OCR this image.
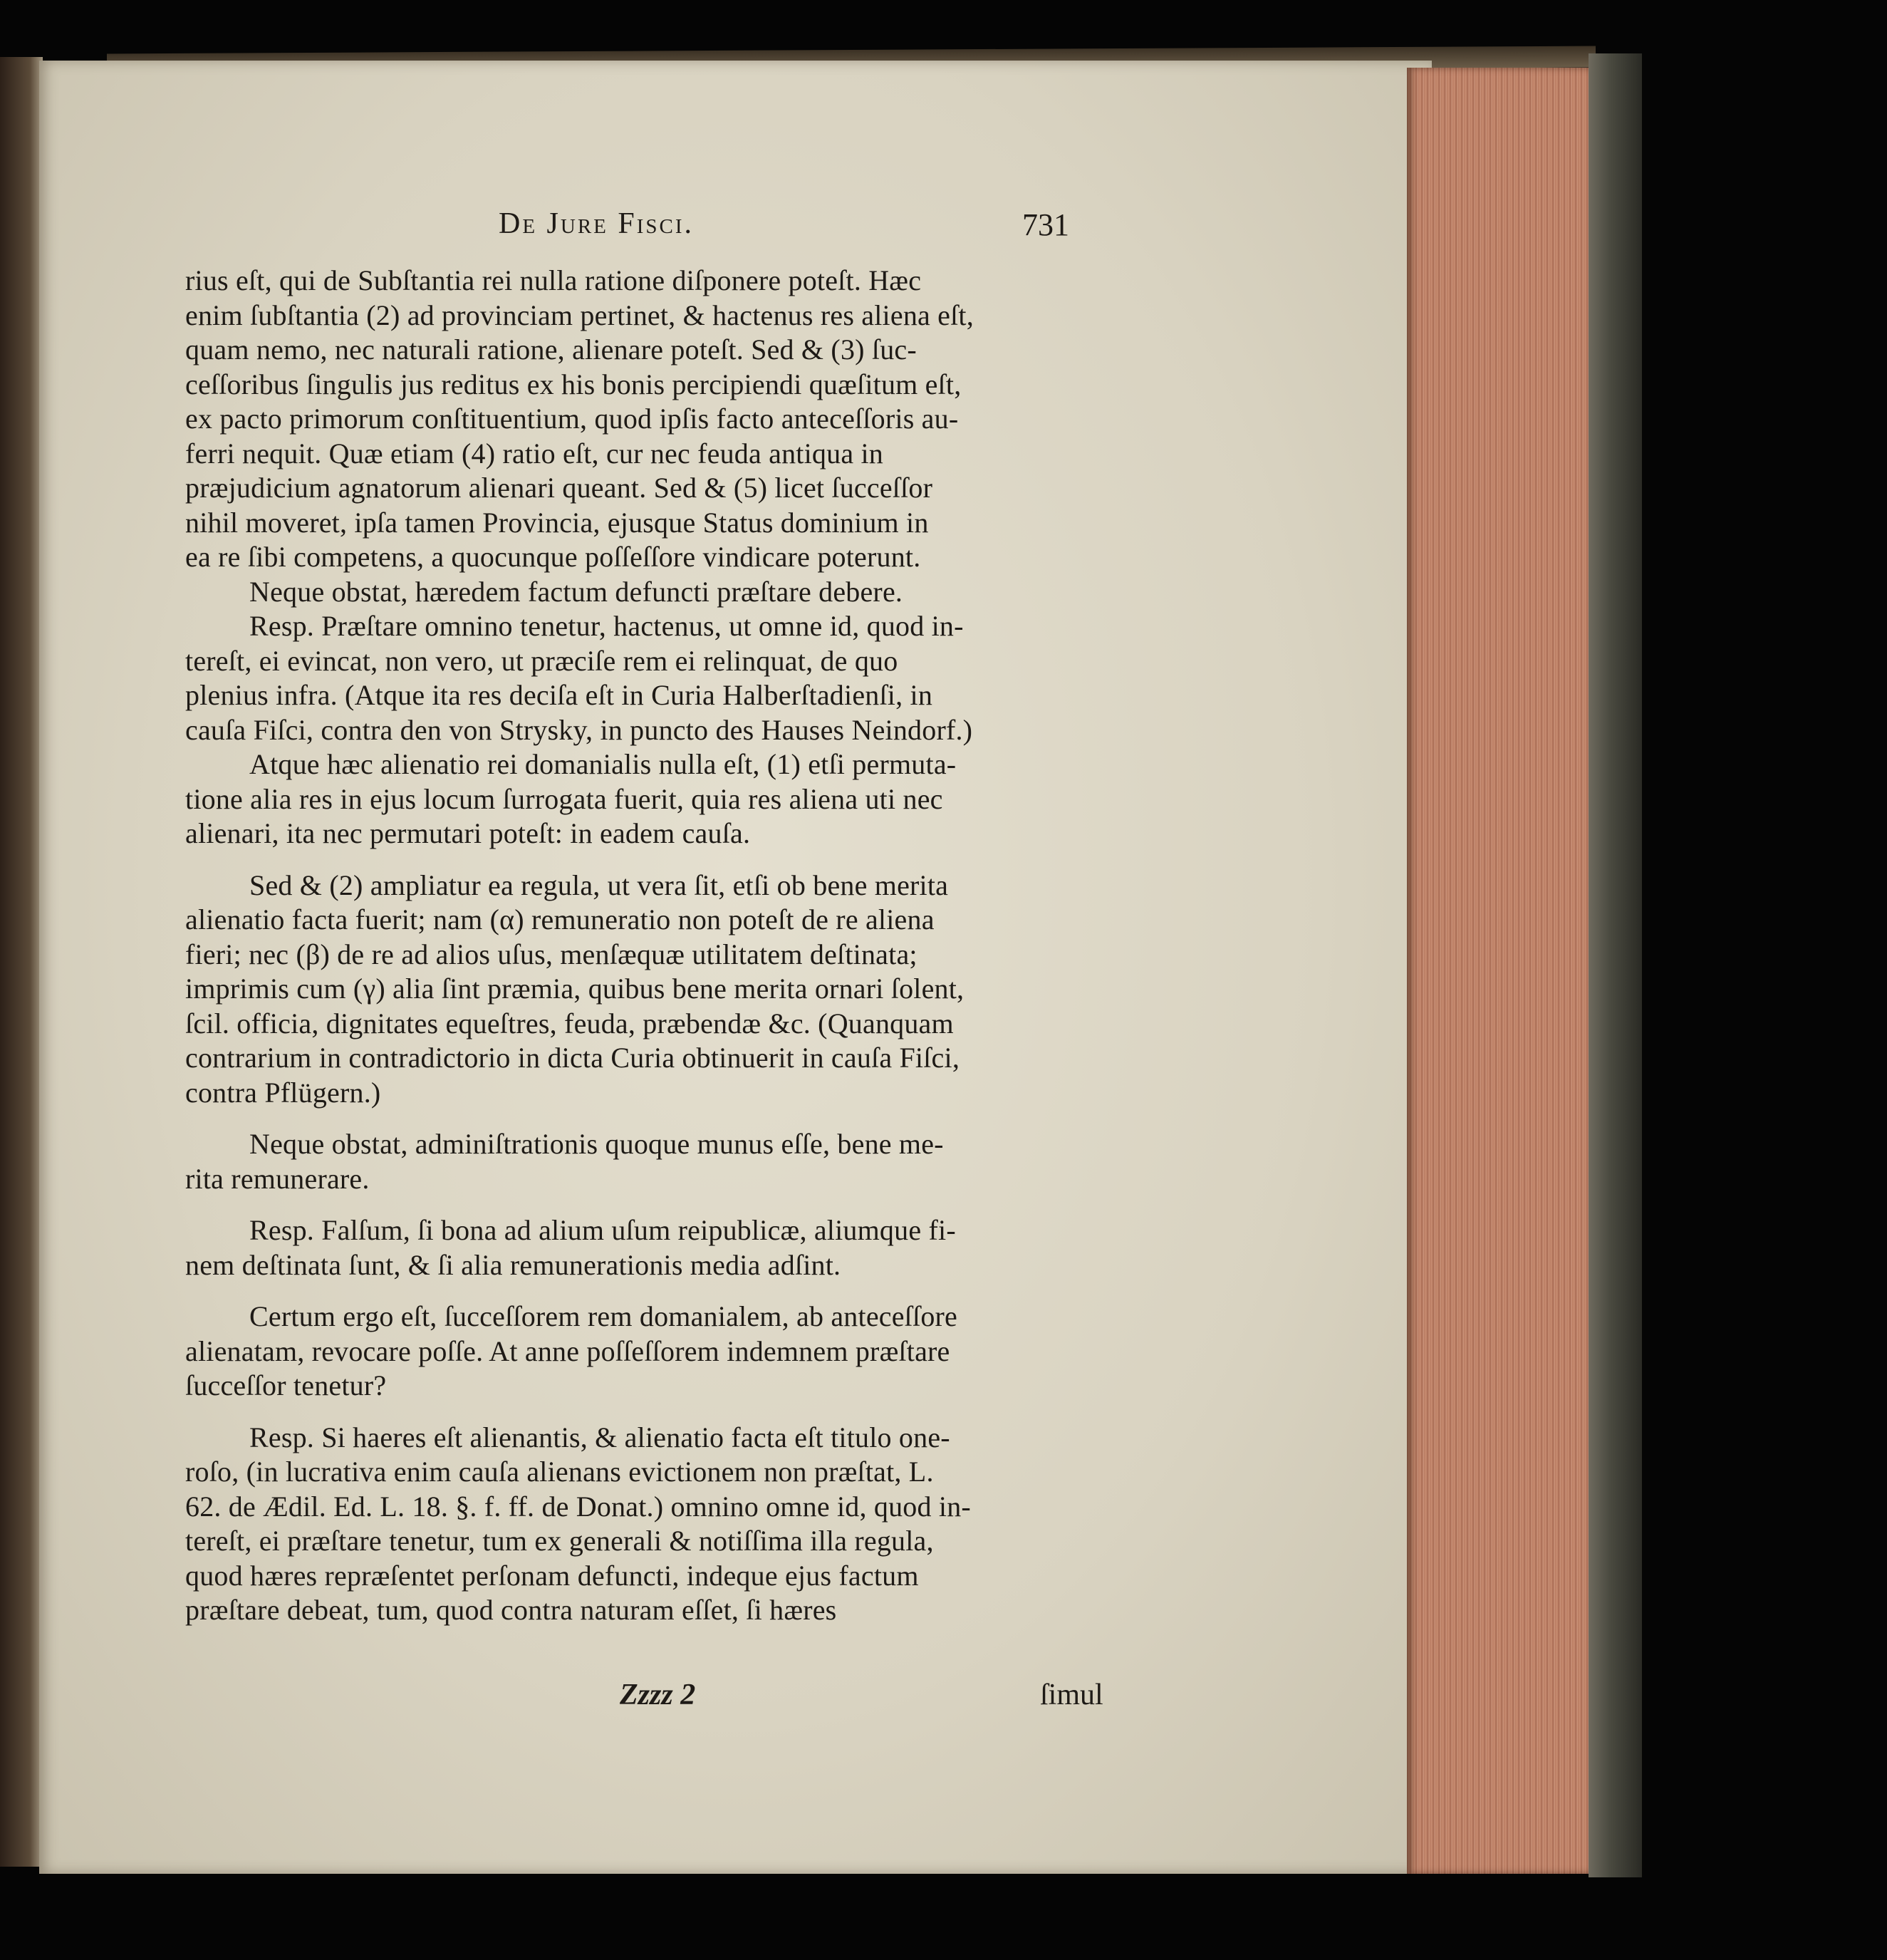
De Jure Fisci.	731
rius eſt, qui de Subſtantia rei nulla ratione diſponere poteſt. Hæc
enim ſubſtantia (2) ad provinciam pertinet, & hactenus res aliena eſt,
quam nemo, nec naturali ratione, alienare poteſt. Sed & (3) ſuc-
ceſſoribus ſingulis jus reditus ex his bonis percipiendi quæſitum eſt,
ex pacto primorum conſtituentium, quod ipſis facto anteceſſoris au-
ferri nequit. Quæ etiam (4) ratio eſt, cur nec feuda antiqua in
præjudicium agnatorum alienari queant. Sed & (5) licet ſucceſſor
nihil moveret, ipſa tamen Provincia, ejusque Status dominium in
ea re ſibi competens, a quocunque poſſeſſore vindicare poterunt.
Neque obstat, hæredem factum defuncti præſtare debere.
Resp. Præſtare omnino tenetur, hactenus, ut omne id, quod in-
tereſt, ei evincat, non vero, ut præciſe rem ei relinquat, de quo
plenius infra. (Atque ita res deciſa eſt in Curia Halberſtadienſi, in
cauſa Fiſci, contra den von Strysky, in puncto des Hauses Neindorf.)
Atque hæc alienatio rei domanialis nulla eſt, (1) etſi permuta-
tione alia res in ejus locum ſurrogata fuerit, quia res aliena uti nec
alienari, ita nec permutari poteſt: in eadem cauſa.
Sed & (2) ampliatur ea regula, ut vera ſit, etſi ob bene merita
alienatio facta fuerit; nam (α) remuneratio non poteſt de re aliena
fieri; nec (β) de re ad alios uſus, menſæquæ utilitatem deſtinata;
imprimis cum (γ) alia ſint præmia, quibus bene merita ornari ſolent,
ſcil. officia, dignitates equeſtres, feuda, præbendæ &c. (Quanquam
contrarium in contradictorio in dicta Curia obtinuerit in cauſa Fiſci,
contra Pflügern.)
Neque obstat, adminiſtrationis quoque munus eſſe, bene me-
rita remunerare.
Resp. Falſum, ſi bona ad alium uſum reipublicæ, aliumque fi-
nem deſtinata ſunt, & ſi alia remunerationis media adſint.
Certum ergo eſt, ſucceſſorem rem domanialem, ab anteceſſore
alienatam, revocare poſſe. At anne poſſeſſorem indemnem præſtare
ſucceſſor tenetur?
Resp. Si haeres eſt alienantis, & alienatio facta eſt titulo one-
roſo, (in lucrativa enim cauſa alienans evictionem non præſtat, L.
62. de Ædil. Ed. L. 18. §. f. ff. de Donat.) omnino omne id, quod in-
tereſt, ei præſtare tenetur, tum ex generali & notiſſima illa regula,
quod hæres repræſentet perſonam defuncti, indeque ejus factum
præſtare debeat, tum, quod contra naturam eſſet, ſi hæres
Zzzz 2	ſimul
